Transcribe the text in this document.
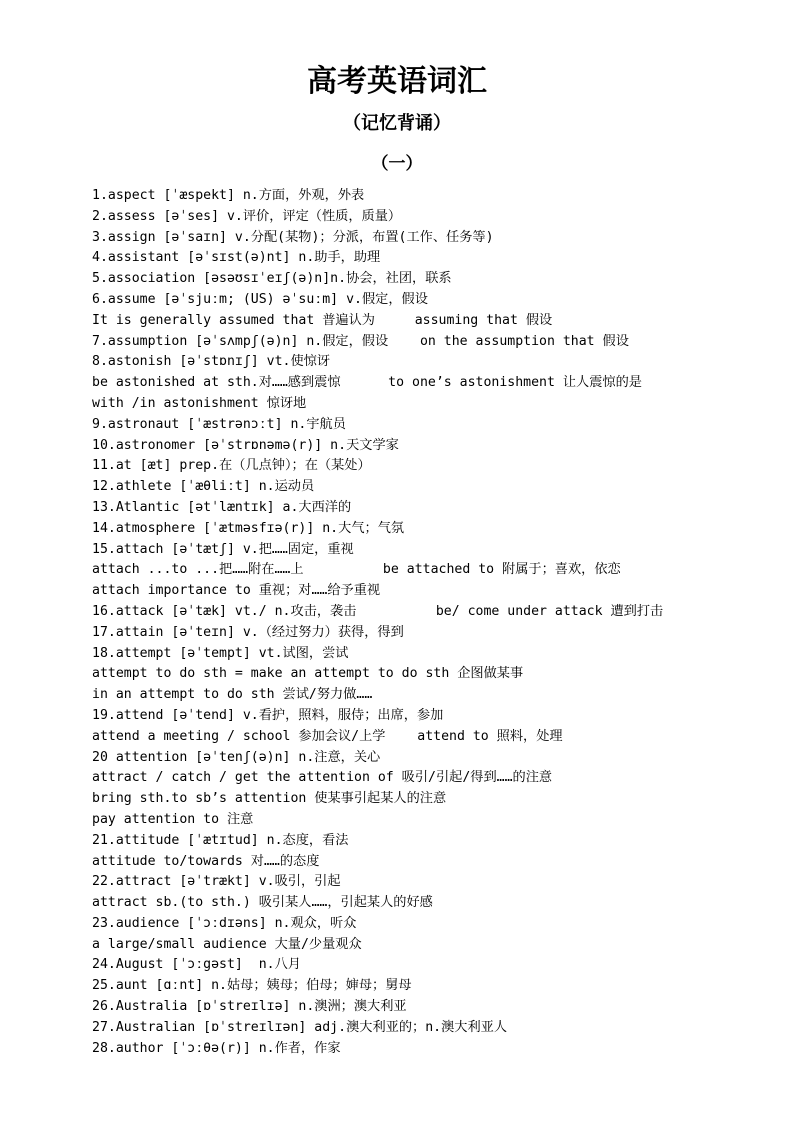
高考英语词汇
（记忆背诵）
（一）
1.aspect [ˈæspekt] n.方面，外观，外表
2.assess [əˈses] v.评价，评定（性质，质量）
3.assign [əˈsaɪn] v.分配(某物)；分派，布置(工作、任务等)
4.assistant [əˈsɪst(ə)nt] n.助手，助理
5.association [əsəʊsɪˈeɪʃ(ə)n]n.协会，社团，联系
6.assume [əˈsjuːm; (US) əˈsuːm] v.假定，假设
It is generally assumed that 普遍认为     assuming that 假设
7.assumption [əˈsʌmpʃ(ə)n] n.假定，假设    on the assumption that 假设
8.astonish [əˈstɒnɪʃ] vt.使惊讶
be astonished at sth.对……感到震惊      to one’s astonishment 让人震惊的是
with /in astonishment 惊讶地
9.astronaut [ˈæstrənɔːt] n.宇航员
10.astronomer [əˈstrɒnəmə(r)] n.天文学家
11.at [æt] prep.在（几点钟）；在（某处）
12.athlete [ˈæθliːt] n.运动员
13.Atlantic [ətˈlæntɪk] a.大西洋的
14.atmosphere [ˈætməsfɪə(r)] n.大气；气氛
15.attach [əˈtætʃ] v.把……固定，重视
attach ...to ...把……附在……上          be attached to 附属于；喜欢，依恋
attach importance to 重视；对……给予重视
16.attack [əˈtæk] vt./ n.攻击，袭击          be/ come under attack 遭到打击
17.attain [əˈteɪn] v.（经过努力）获得，得到
18.attempt [əˈtempt] vt.试图，尝试
attempt to do sth = make an attempt to do sth 企图做某事
in an attempt to do sth 尝试/努力做……
19.attend [əˈtend] v.看护，照料，服侍；出席，参加
attend a meeting / school 参加会议/上学    attend to 照料，处理
20 attention [əˈtenʃ(ə)n] n.注意，关心
attract / catch / get the attention of 吸引/引起/得到……的注意
bring sth.to sb’s attention 使某事引起某人的注意
pay attention to 注意
21.attitude [ˈætɪtud] n.态度，看法
attitude to/towards 对……的态度
22.attract [əˈtrækt] v.吸引，引起
attract sb.(to sth.) 吸引某人……，引起某人的好感
23.audience [ˈɔːdɪəns] n.观众，听众
a large/small audience 大量/少量观众
24.August [ˈɔːgəst]  n.八月
25.aunt [ɑːnt] n.姑母；姨母；伯母；婶母；舅母
26.Australia [ɒˈstreɪlɪə] n.澳洲；澳大利亚
27.Australian [ɒˈstreɪlɪən] adj.澳大利亚的；n.澳大利亚人
28.author [ˈɔːθə(r)] n.作者，作家
